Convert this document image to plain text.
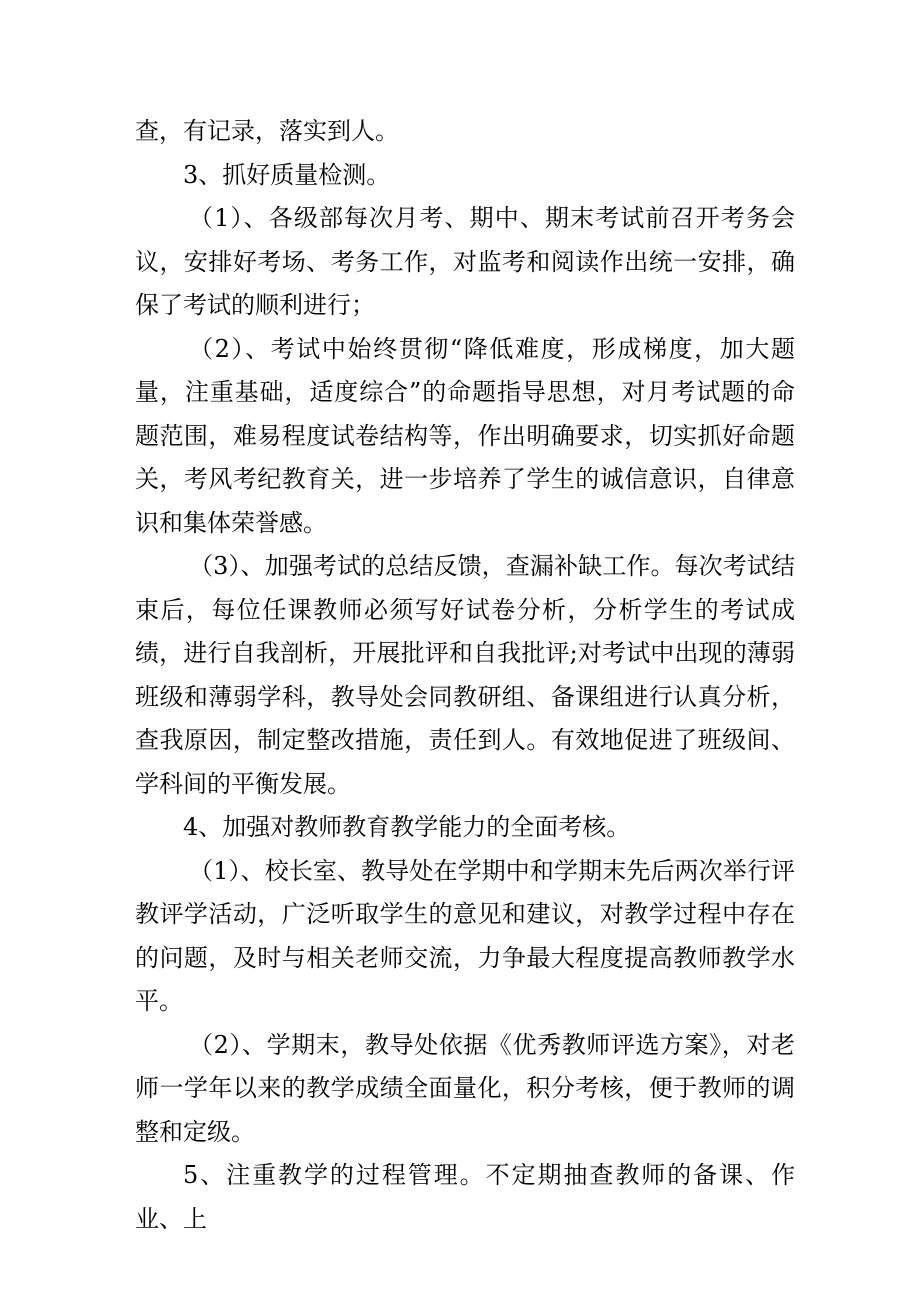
查，有记录，落实到人。

3、抓好质量检测。

（1）、各级部每次月考、期中、期末考试前召开考务会议，安排好考场、考务工作，对监考和阅读作出统一安排，确保了考试的顺利进行；

（2）、考试中始终贯彻“降低难度，形成梯度，加大题量，注重基础，适度综合”的命题指导思想，对月考试题的命题范围，难易程度试卷结构等，作出明确要求，切实抓好命题关，考风考纪教育关，进一步培养了学生的诚信意识，自律意识和集体荣誉感。

（3）、加强考试的总结反馈，查漏补缺工作。每次考试结束后，每位任课教师必须写好试卷分析，分析学生的考试成绩，进行自我剖析，开展批评和自我批评;对考试中出现的薄弱班级和薄弱学科，教导处会同教研组、备课组进行认真分析，查我原因，制定整改措施，责任到人。有效地促进了班级间、学科间的平衡发展。

4、加强对教师教育教学能力的全面考核。

（1）、校长室、教导处在学期中和学期末先后两次举行评教评学活动，广泛听取学生的意见和建议，对教学过程中存在的问题，及时与相关老师交流，力争最大程度提高教师教学水平。

（2）、学期末，教导处依据《优秀教师评选方案》，对老师一学年以来的教学成绩全面量化，积分考核，便于教师的调整和定级。

5、注重教学的过程管理。不定期抽查教师的备课、作业、上
